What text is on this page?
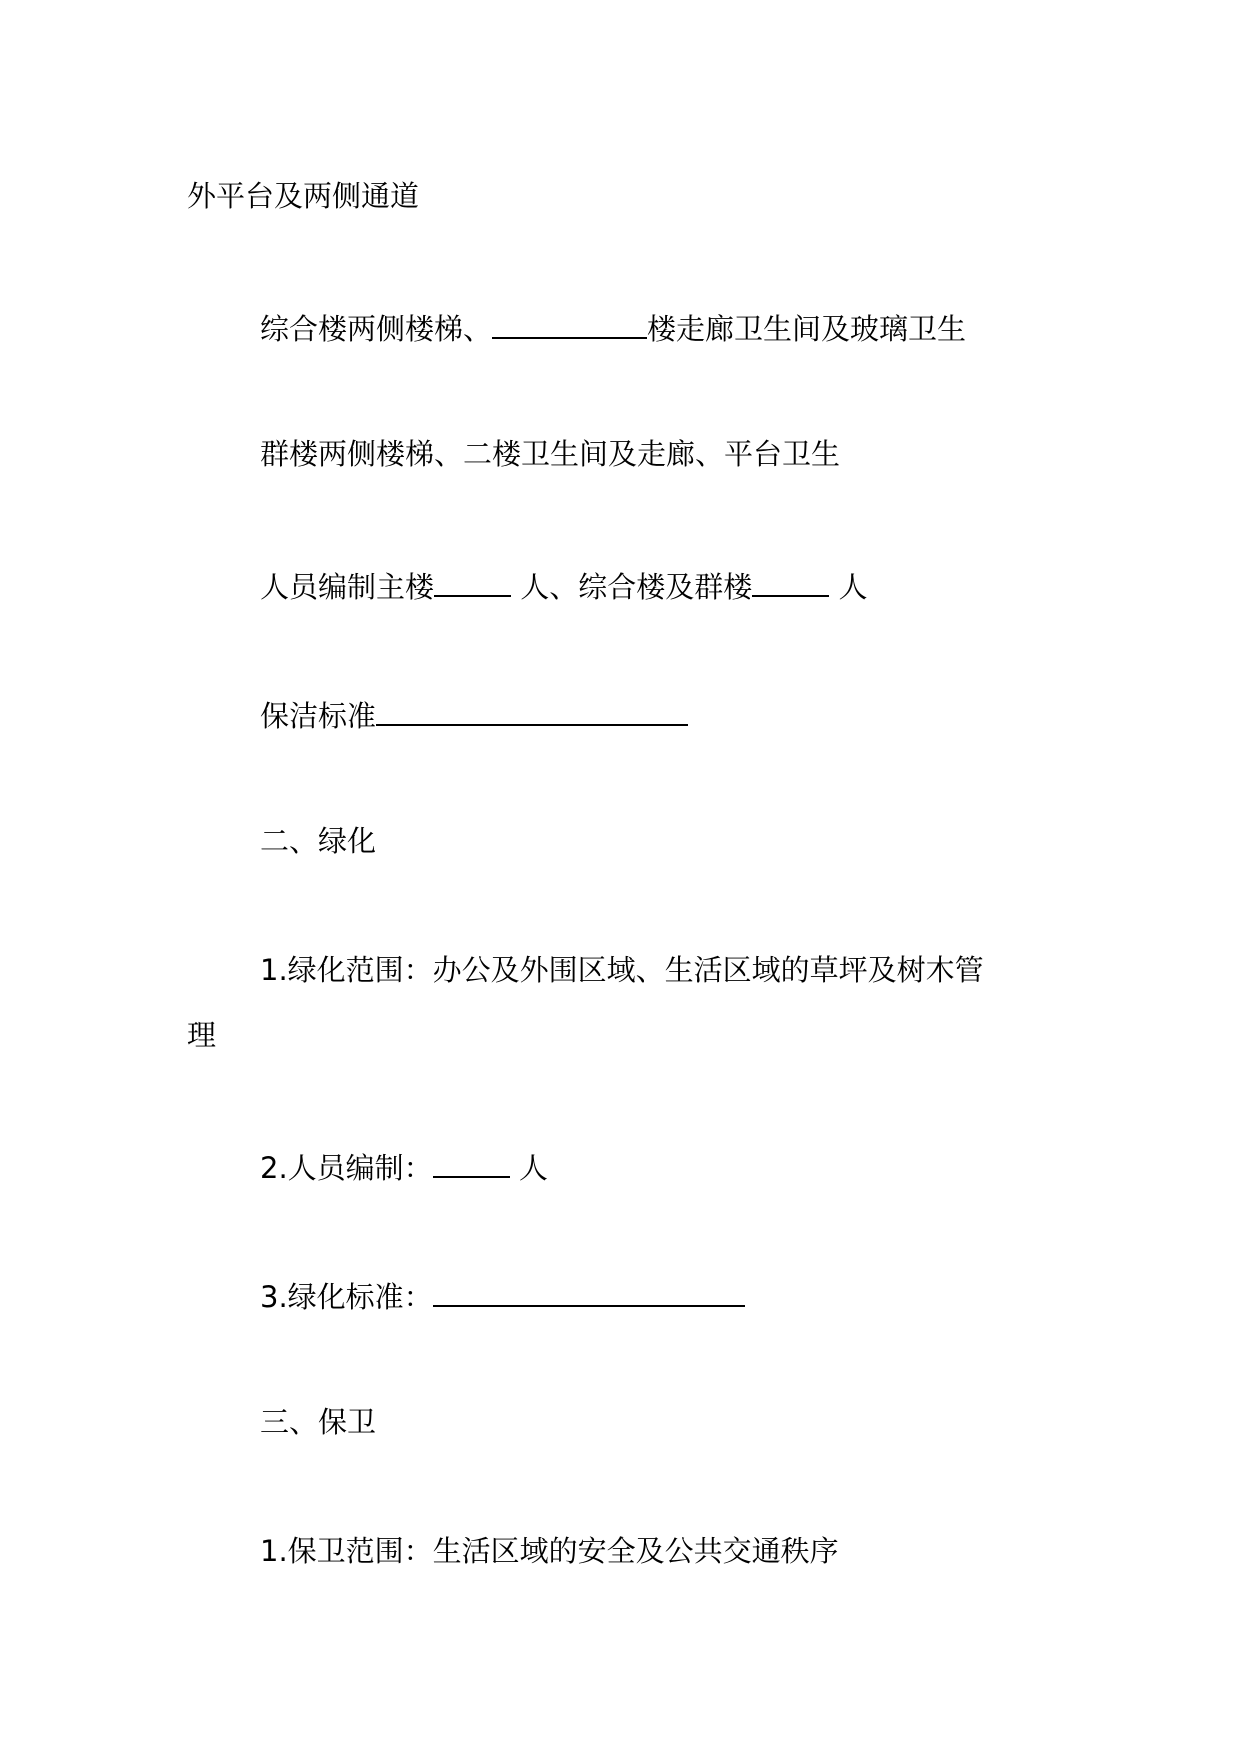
外平台及两侧通道
综合楼两侧楼梯、	楼走廊卫生间及玻璃卫生
群楼两侧楼梯、二楼卫生间及走廊、平台卫生
人员编制主楼	人、综合楼及群楼	人
保洁标准
二、绿化
1.绿化范围：办公及外围区域、生活区域的草坪及树木管
理
2.人员编制：	人
3.绿化标准：
三、保卫
1.保卫范围：生活区域的安全及公共交通秩序
